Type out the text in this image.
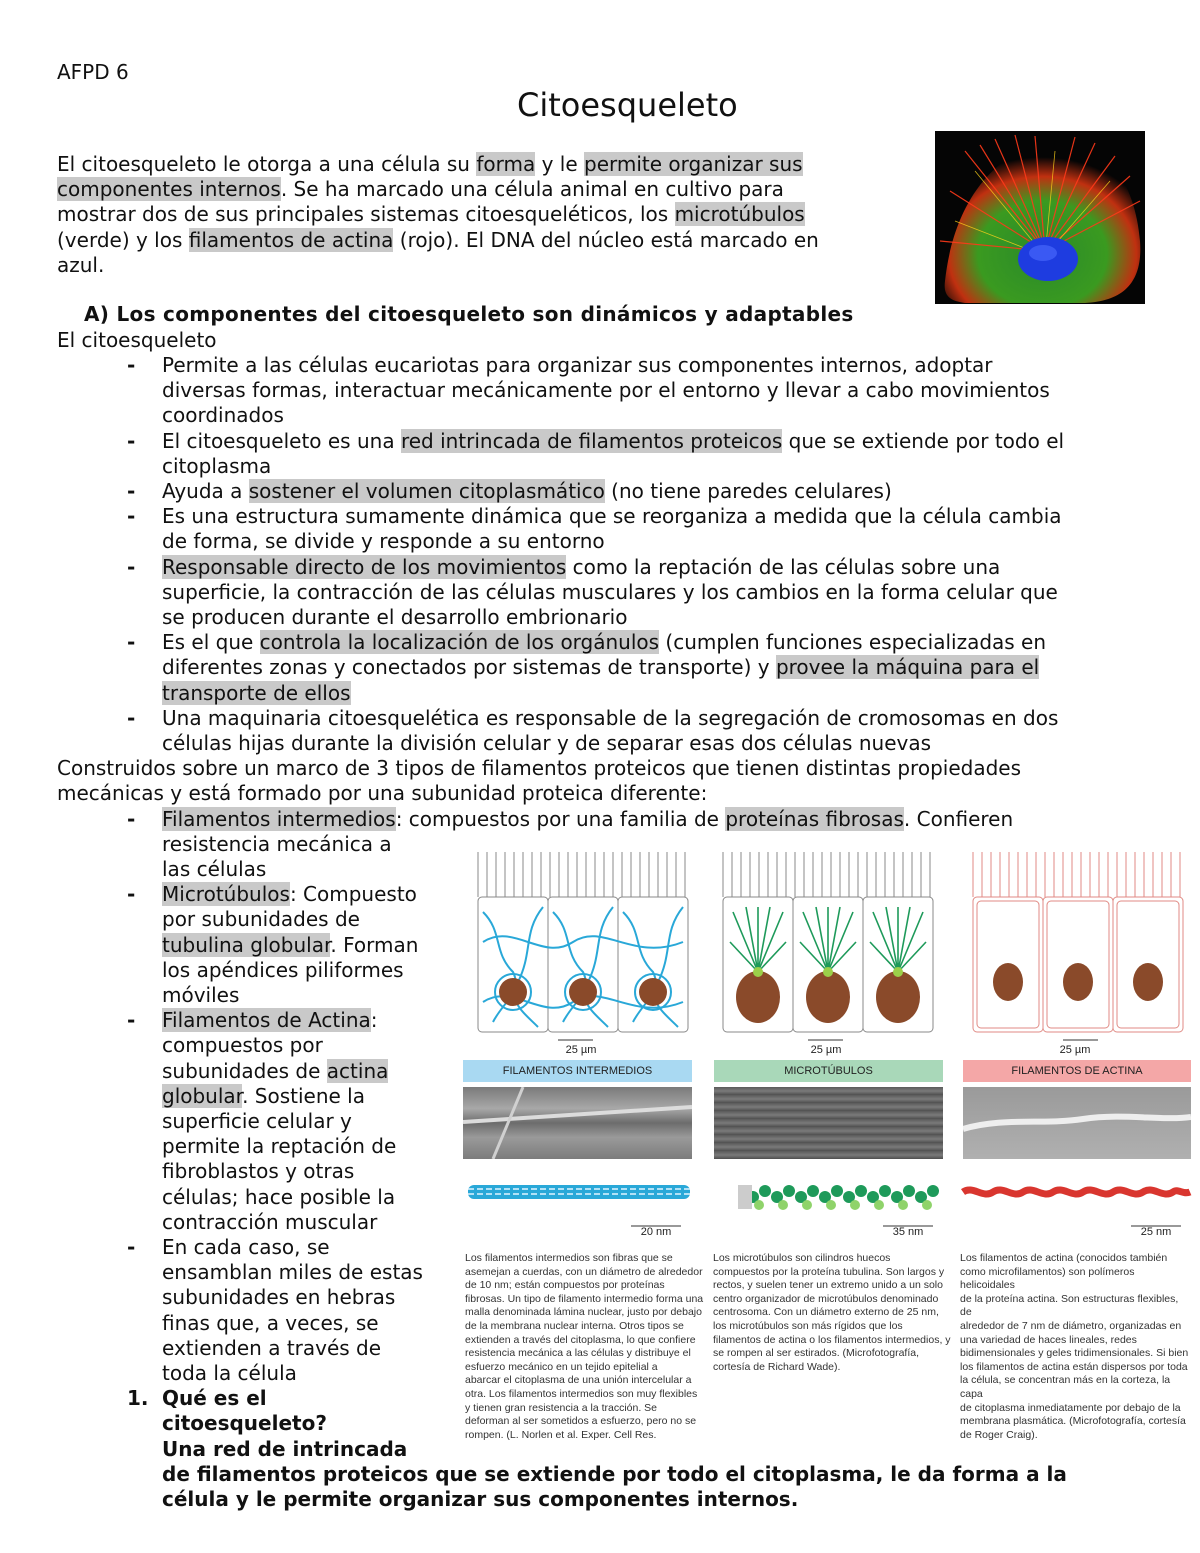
AFPD 6
Citoesqueleto
El citoesqueleto le otorga a una célula su forma y le permite organizar sus
componentes internos. Se ha marcado una célula animal en cultivo para
mostrar dos de sus principales sistemas citoesqueléticos, los microtúbulos
(verde) y los filamentos de actina (rojo). El DNA del núcleo está marcado en
azul.
A) Los componentes del citoesqueleto son dinámicos y adaptables
El citoesqueleto
- Permite a las células eucariotas para organizar sus componentes internos, adoptar
diversas formas, interactuar mecánicamente por el entorno y llevar a cabo movimientos
coordinados
- El citoesqueleto es una red intrincada de filamentos proteicos que se extiende por todo el
citoplasma
- Ayuda a sostener el volumen citoplasmático (no tiene paredes celulares)
- Es una estructura sumamente dinámica que se reorganiza a medida que la célula cambia
de forma, se divide y responde a su entorno
- Responsable directo de los movimientos como la reptación de las células sobre una
superficie, la contracción de las células musculares y los cambios en la forma celular que
se producen durante el desarrollo embrionario
- Es el que controla la localización de los orgánulos (cumplen funciones especializadas en
diferentes zonas y conectados por sistemas de transporte) y provee la máquina para el
transporte de ellos
- Una maquinaria citoesquelética es responsable de la segregación de cromosomas en dos
células hijas durante la división celular y de separar esas dos células nuevas
Construidos sobre un marco de 3 tipos de filamentos proteicos que tienen distintas propiedades
mecánicas y está formado por una subunidad proteica diferente:
- Filamentos intermedios: compuestos por una familia de proteínas fibrosas. Confieren
resistencia mecánica a
las células
- Microtúbulos: Compuesto
por subunidades de
tubulina globular. Forman
los apéndices piliformes
móviles
- Filamentos de Actina:
compuestos por
subunidades de actina
globular. Sostiene la
superficie celular y
permite la reptación de
fibroblastos y otras
células; hace posible la
contracción muscular
- En cada caso, se
ensamblan miles de estas
subunidades en hebras
finas que, a veces, se
extienden a través de
toda la célula
1. Qué es el
citoesqueleto?
Una red de intrincada
de filamentos proteicos que se extiende por todo el citoplasma, le da forma a la
célula y le permite organizar sus componentes internos.
25 µm	25 µm	25 µm
FILAMENTOS INTERMEDIOS	MICROTÚBULOS	FILAMENTOS DE ACTINA
20 nm	35 nm	25 nm
Los filamentos intermedios son fibras que se
asemejan a cuerdas, con un diámetro de alrededor
de 10 nm; están compuestos por proteínas
fibrosas. Un tipo de filamento intermedio forma una
malla denominada lámina nuclear, justo por debajo
de la membrana nuclear interna. Otros tipos se
extienden a través del citoplasma, lo que confiere
resistencia mecánica a las células y distribuye el
esfuerzo mecánico en un tejido epitelial a
abarcar el citoplasma de una unión intercelular a
otra. Los filamentos intermedios son muy flexibles
y tienen gran resistencia a la tracción. Se
deforman al ser sometidos a esfuerzo, pero no se
rompen. (L. Norlen et al. Exper. Cell Res.
Los microtúbulos son cilindros huecos
compuestos por la proteína tubulina. Son largos y
rectos, y suelen tener un extremo unido a un solo
centro organizador de microtúbulos denominado
centrosoma. Con un diámetro externo de 25 nm,
los microtúbulos son más rígidos que los
filamentos de actina o los filamentos intermedios, y
se rompen al ser estirados. (Microfotografía,
cortesía de Richard Wade).
Los filamentos de actina (conocidos también
como microfilamentos) son polímeros helicoidales
de la proteína actina. Son estructuras flexibles, de
alrededor de 7 nm de diámetro, organizadas en
una variedad de haces lineales, redes
bidimensionales y geles tridimensionales. Si bien
los filamentos de actina están dispersos por toda
la célula, se concentran más en la corteza, la capa
de citoplasma inmediatamente por debajo de la
membrana plasmática. (Microfotografía, cortesía
de Roger Craig).
